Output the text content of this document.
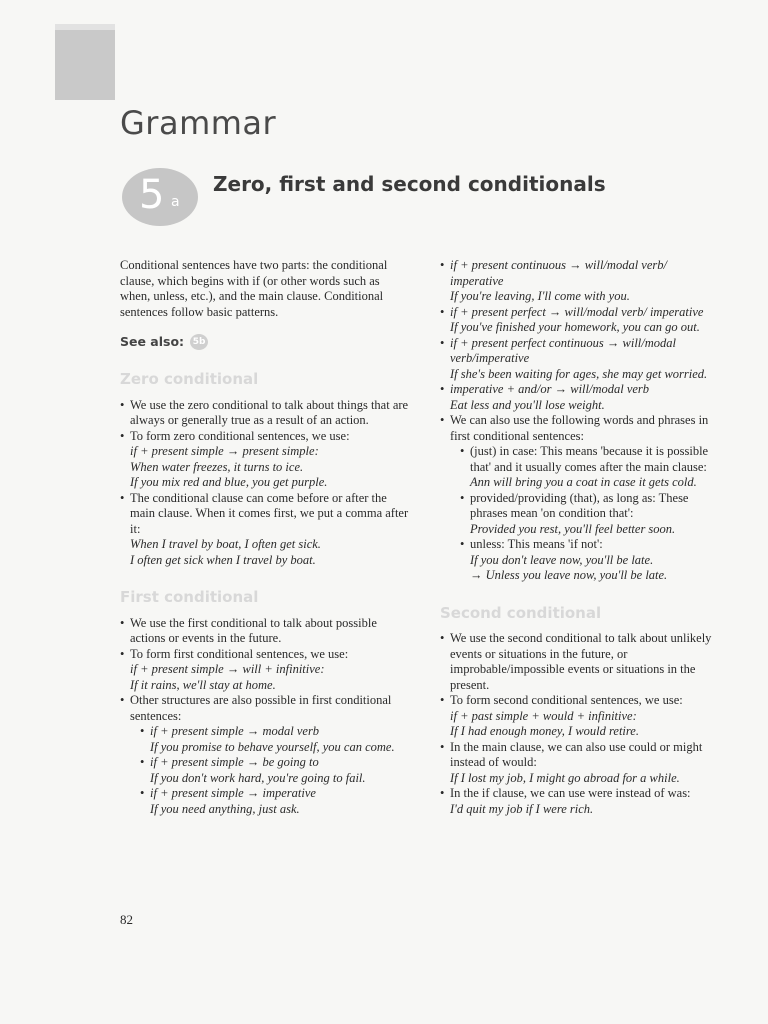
Grammar
5 a
Zero, first and second conditionals

Conditional sentences have two parts: the conditional clause, which begins with if (or other words such as when, unless, etc.), and the main clause. Conditional sentences follow basic patterns.

See also: 5b
Zero conditional
• We use the zero conditional to talk about things that are always or generally true as a result of an action.
• To form zero conditional sentences, we use:
if + present simple → present simple:
When water freezes, it turns to ice.
If you mix red and blue, you get purple.
• The conditional clause can come before or after the main clause. When it comes first, we put a comma after it:
When I travel by boat, I often get sick.
I often get sick when I travel by boat.
First conditional
• We use the first conditional to talk about possible actions or events in the future.
• To form first conditional sentences, we use:
if + present simple → will + infinitive:
If it rains, we'll stay at home.
• Other structures are also possible in first conditional sentences:
• if + present simple → modal verb
If you promise to behave yourself, you can come.
• if + present simple → be going to
If you don't work hard, you're going to fail.
• if + present simple → imperative
If you need anything, just ask.
• if + present continuous → will/modal verb/ imperative
If you're leaving, I'll come with you.
• if + present perfect → will/modal verb/ imperative
If you've finished your homework, you can go out.
• if + present perfect continuous → will/modal verb/imperative
If she's been waiting for ages, she may get worried.
• imperative + and/or → will/modal verb
Eat less and you'll lose weight.
• We can also use the following words and phrases in first conditional sentences:
• (just) in case: This means 'because it is possible that' and it usually comes after the main clause:
Ann will bring you a coat in case it gets cold.
• provided/providing (that), as long as: These phrases mean 'on condition that':
Provided you rest, you'll feel better soon.
• unless: This means 'if not':
If you don't leave now, you'll be late.
→ Unless you leave now, you'll be late.
Second conditional
• We use the second conditional to talk about unlikely events or situations in the future, or improbable/impossible events or situations in the present.
• To form second conditional sentences, we use:
if + past simple + would + infinitive:
If I had enough money, I would retire.
• In the main clause, we can also use could or might instead of would:
If I lost my job, I might go abroad for a while.
• In the if clause, we can use were instead of was:
I'd quit my job if I were rich.
82
